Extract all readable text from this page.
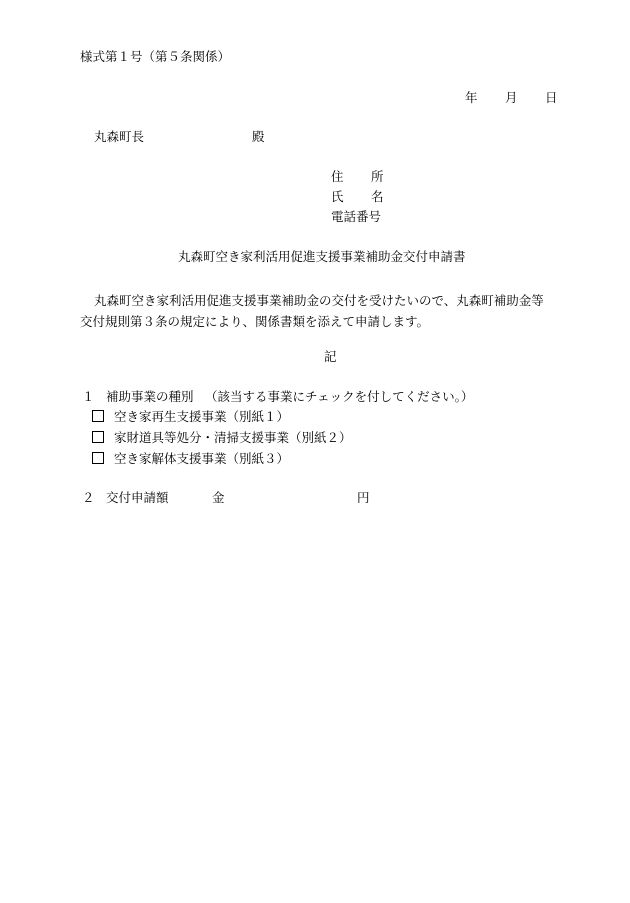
様式第１号（第５条関係）
年 月 日
丸森町長	殿
住 所
氏 名
電話番号
丸森町空き家利活用促進支援事業補助金交付申請書
丸森町空き家利活用促進支援事業補助金の交付を受けたいので、丸森町補助金等交付規則第３条の規定により、関係書類を添えて申請します。
記
１ 補助事業の種別 （該当する事業にチェックを付してください。）
空き家再生支援事業（別紙１）
家財道具等処分・清掃支援事業（別紙２）
空き家解体支援事業（別紙３）
２ 交付申請額	金	円
